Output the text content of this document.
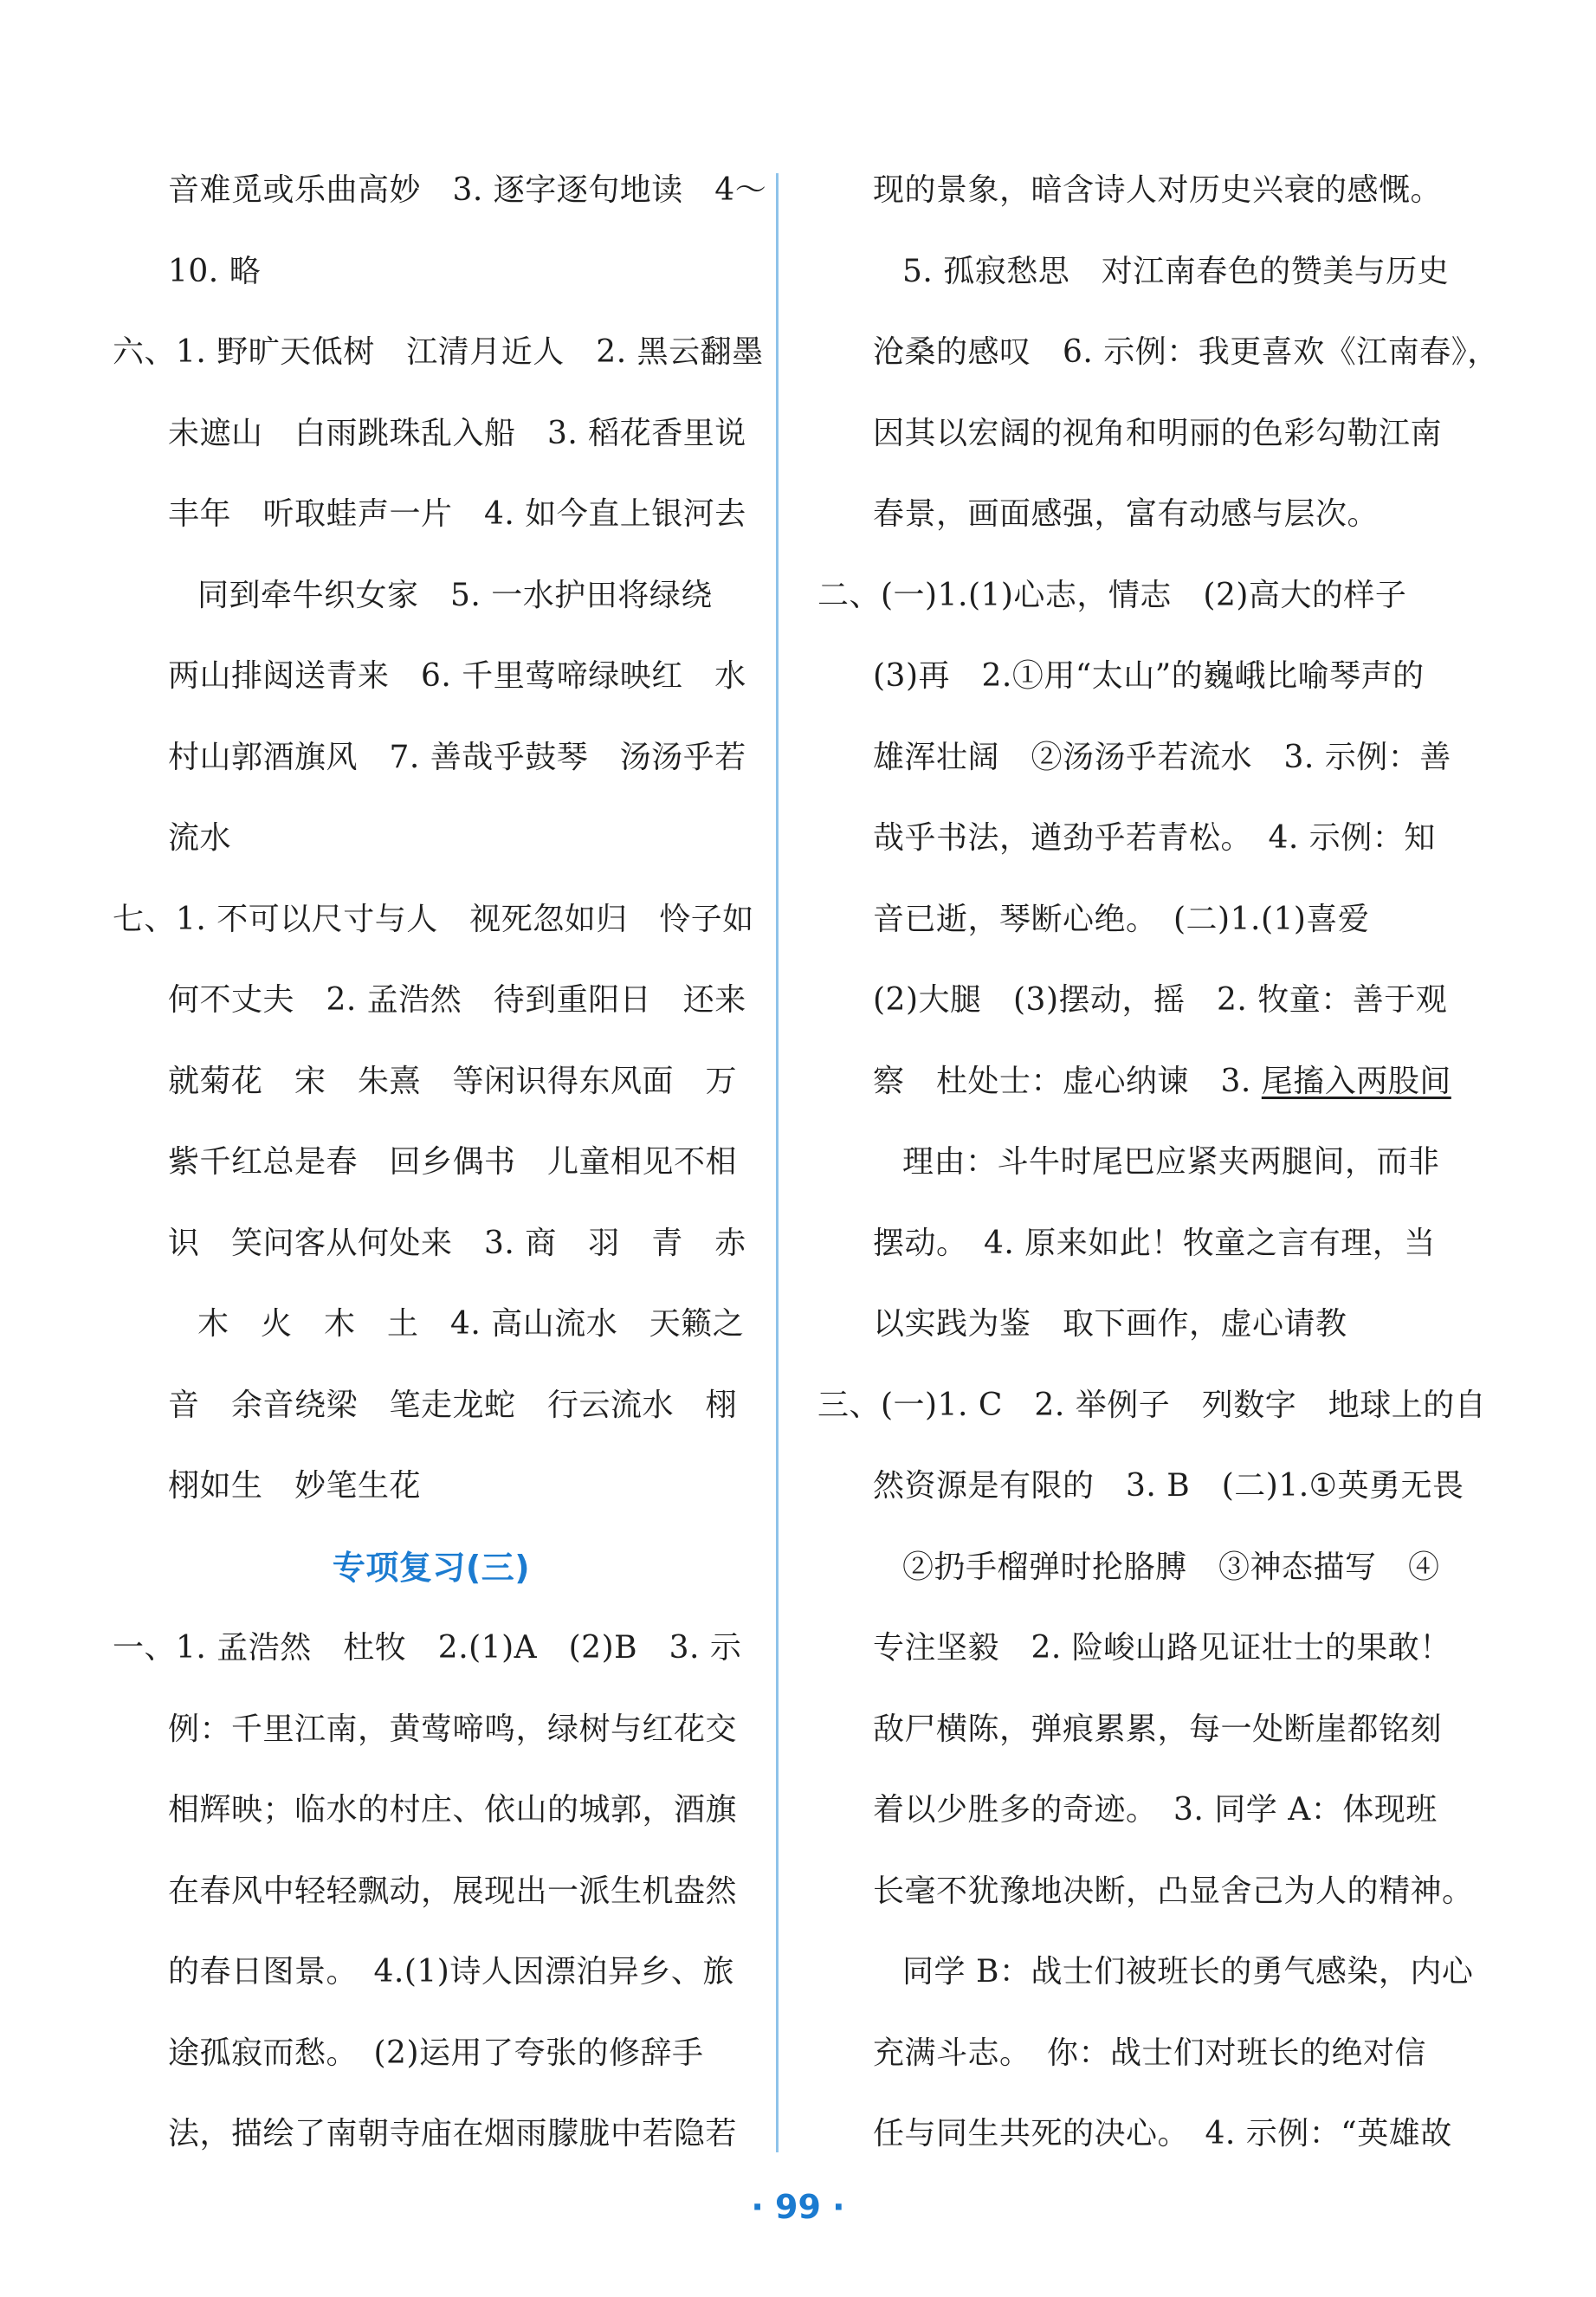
音难觅或乐曲高妙　3. 逐字逐句地读　4～
10. 略
六、1. 野旷天低树　江清月近人　2. 黑云翻墨
未遮山　白雨跳珠乱入船　3. 稻花香里说
丰年　听取蛙声一片　4. 如今直上银河去
同到牵牛织女家　5. 一水护田将绿绕
两山排闼送青来　6. 千里莺啼绿映红　水
村山郭酒旗风　7. 善哉乎鼓琴　汤汤乎若
流水
七、1. 不可以尺寸与人　视死忽如归　怜子如
何不丈夫　2. 孟浩然　待到重阳日　还来
就菊花　宋　朱熹　等闲识得东风面　万
紫千红总是春　回乡偶书　儿童相见不相
识　笑问客从何处来　3. 商　羽　青　赤
木　火　木　土　4. 高山流水　天籁之
音　余音绕梁　笔走龙蛇　行云流水　栩
栩如生　妙笔生花
专项复习(三)
一、1. 孟浩然　杜牧　2.(1)A　(2)B　3. 示
例：千里江南，黄莺啼鸣，绿树与红花交
相辉映；临水的村庄、依山的城郭，酒旗
在春风中轻轻飘动，展现出一派生机盎然
的春日图景。　4.(1)诗人因漂泊异乡、旅
途孤寂而愁。　(2)运用了夸张的修辞手
法，描绘了南朝寺庙在烟雨朦胧中若隐若
现的景象，暗含诗人对历史兴衰的感慨。
5. 孤寂愁思　对江南春色的赞美与历史
沧桑的感叹　6. 示例：我更喜欢《江南春》，
因其以宏阔的视角和明丽的色彩勾勒江南
春景，画面感强，富有动感与层次。
二、(一)1.(1)心志，情志　(2)高大的样子
(3)再　2.①用“太山”的巍峨比喻琴声的
雄浑壮阔　②汤汤乎若流水　3. 示例：善
哉乎书法，遒劲乎若青松。　4. 示例：知
音已逝，琴断心绝。　(二)1.(1)喜爱
(2)大腿　(3)摆动，摇　2. 牧童：善于观
察　杜处士：虚心纳谏　3. 尾搐入两股间
理由：斗牛时尾巴应紧夹两腿间，而非
摆动。　4. 原来如此！牧童之言有理，当
以实践为鉴　取下画作，虚心请教
三、(一)1. C　2. 举例子　列数字　地球上的自
然资源是有限的　3. B　(二)1.①英勇无畏
②扔手榴弹时抡胳膊　③神态描写　④
专注坚毅　2. 险峻山路见证壮士的果敢！
敌尸横陈，弹痕累累，每一处断崖都铭刻
着以少胜多的奇迹。　3. 同学 A：体现班
长毫不犹豫地决断，凸显舍己为人的精神。
同学 B：战士们被班长的勇气感染，内心
充满斗志。　你：战士们对班长的绝对信
任与同生共死的决心。　4. 示例：“英雄故
· 99 ·
